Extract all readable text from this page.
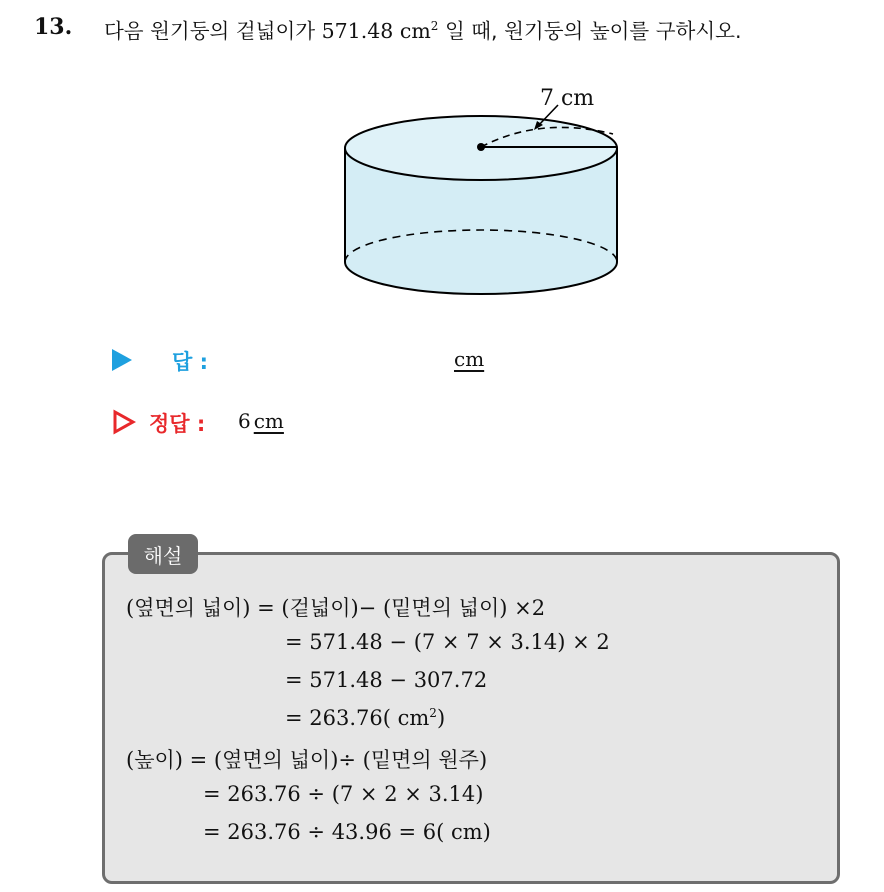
13. 다음 원기둥의 겉넓이가 571.48 $cm^2$ 일 때, 원기둥의 높이를 구하시오.
7 cm
답 :	cm
정답 : 6 cm
해설
(옆면의 넓이) = (겉넓이)− (밑면의 넓이) ×2
= 571.48 − (7 × 7 × 3.14) × 2
= 571.48 − 307.72
= 263.76( $cm^2$)
(높이) = (옆면의 넓이)÷ (밑면의 원주)
= 263.76 ÷ (7 × 2 × 3.14)
= 263.76 ÷ 43.96 = 6( cm)
